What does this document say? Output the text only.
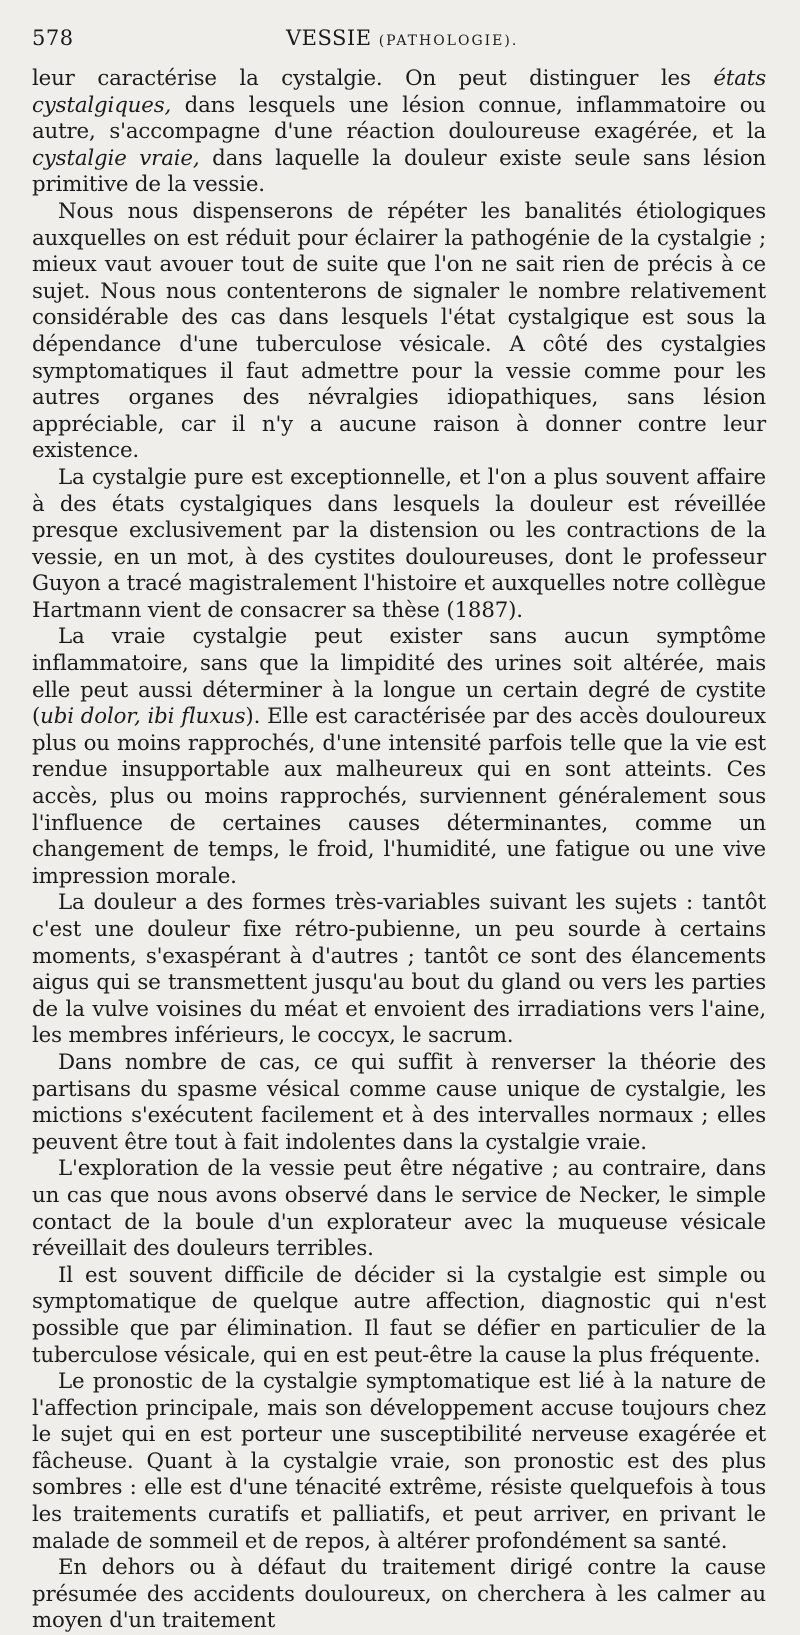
578	VESSIE (PATHOLOGIE).

leur caractérise la cystalgie. On peut distinguer les états cystalgiques, dans lesquels une lésion connue, inflammatoire ou autre, s'accompagne d'une réaction douloureuse exagérée, et la cystalgie vraie, dans laquelle la douleur existe seule sans lésion primitive de la vessie.

Nous nous dispenserons de répéter les banalités étiologiques auxquelles on est réduit pour éclairer la pathogénie de la cystalgie ; mieux vaut avouer tout de suite que l'on ne sait rien de précis à ce sujet. Nous nous contenterons de signaler le nombre relativement considérable des cas dans lesquels l'état cystalgique est sous la dépendance d'une tuberculose vésicale. A côté des cystalgies symptomatiques il faut admettre pour la vessie comme pour les autres organes des névralgies idiopathiques, sans lésion appréciable, car il n'y a aucune raison à donner contre leur existence.

La cystalgie pure est exceptionnelle, et l'on a plus souvent affaire à des états cystalgiques dans lesquels la douleur est réveillée presque exclusivement par la distension ou les contractions de la vessie, en un mot, à des cystites douloureuses, dont le professeur Guyon a tracé magistralement l'histoire et auxquelles notre collègue Hartmann vient de consacrer sa thèse (1887).

La vraie cystalgie peut exister sans aucun symptôme inflammatoire, sans que la limpidité des urines soit altérée, mais elle peut aussi déterminer à la longue un certain degré de cystite (ubi dolor, ibi fluxus). Elle est caractérisée par des accès douloureux plus ou moins rapprochés, d'une intensité parfois telle que la vie est rendue insupportable aux malheureux qui en sont atteints. Ces accès, plus ou moins rapprochés, surviennent généralement sous l'influence de certaines causes déterminantes, comme un changement de temps, le froid, l'humidité, une fatigue ou une vive impression morale.

La douleur a des formes très-variables suivant les sujets : tantôt c'est une douleur fixe rétro-pubienne, un peu sourde à certains moments, s'exaspérant à d'autres ; tantôt ce sont des élancements aigus qui se transmettent jusqu'au bout du gland ou vers les parties de la vulve voisines du méat et envoient des irradiations vers l'aine, les membres inférieurs, le coccyx, le sacrum.

Dans nombre de cas, ce qui suffit à renverser la théorie des partisans du spasme vésical comme cause unique de cystalgie, les mictions s'exécutent facilement et à des intervalles normaux ; elles peuvent être tout à fait indolentes dans la cystalgie vraie.

L'exploration de la vessie peut être négative ; au contraire, dans un cas que nous avons observé dans le service de Necker, le simple contact de la boule d'un explorateur avec la muqueuse vésicale réveillait des douleurs terribles.

Il est souvent difficile de décider si la cystalgie est simple ou symptomatique de quelque autre affection, diagnostic qui n'est possible que par élimination. Il faut se défier en particulier de la tuberculose vésicale, qui en est peut-être la cause la plus fréquente.

Le pronostic de la cystalgie symptomatique est lié à la nature de l'affection principale, mais son développement accuse toujours chez le sujet qui en est porteur une susceptibilité nerveuse exagérée et fâcheuse. Quant à la cystalgie vraie, son pronostic est des plus sombres : elle est d'une ténacité extrême, résiste quelquefois à tous les traitements curatifs et palliatifs, et peut arriver, en privant le malade de sommeil et de repos, à altérer profondément sa santé.

En dehors ou à défaut du traitement dirigé contre la cause présumée des accidents douloureux, on cherchera à les calmer au moyen d'un traitement
